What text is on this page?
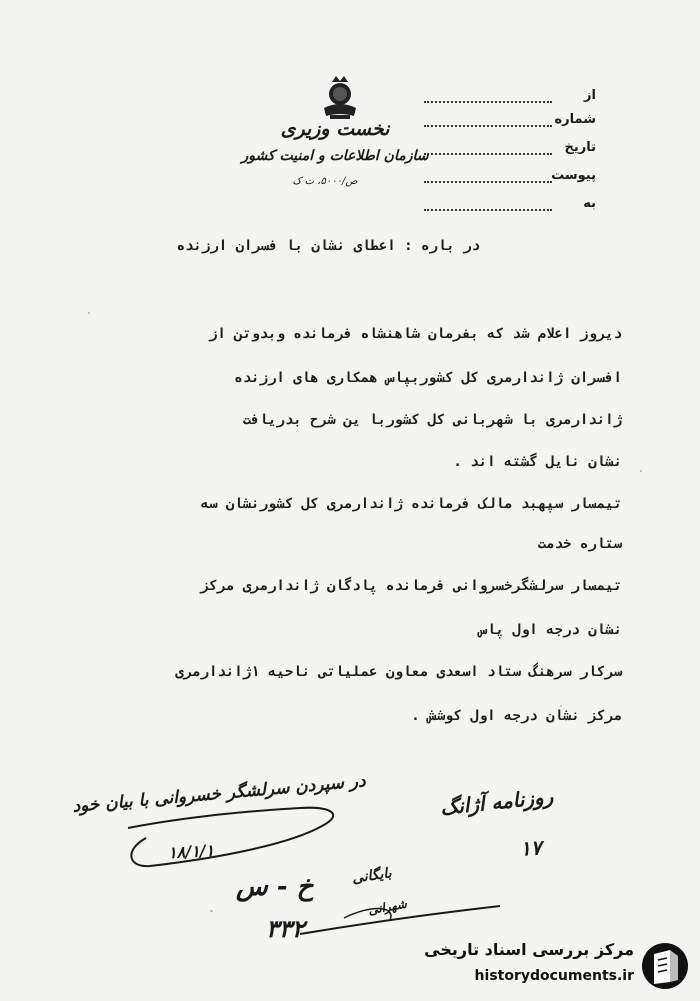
نخست وزیری
سازمان اطلاعات و امنیت کشور
ص/۵۰۰۰، ت ک
از
شماره
تاریخ
پیوست
به
در باره : اعطای نشان با فسران ارزنده
دیروز اعلام شد که بفرمان شاهنشاه فرمانده وبدوتن از
افسران ژاندارمری کل کشوربپاس همکاری های ارزنده
ژاندارمری با شهربانی کل کشوربا ین شرح بدریافت
نشان نایل گشته اند .
تیمسار سپهبد مالک فرمانده ژاندارمری کل کشورنشان سه
ستاره خدمت
تیمسار سرلشگرخسروانی فرمانده پادگان ژاندارمری مرکز
نشان درجه اول پاس
سرکار سرهنگ ستاد اسعدی معاون عملیاتی ناحیه ۱ژاندارمری
مرکز نشان درجه اول کوشش .
روزنامه آژانگ
در سپردن سرلشگر خسروانی با بیان خود
۱۷
۱۸/۱/۱
خ - س
۳۳۲
بایگانی
شهرانی
مرکز بررسی اسناد تاریخی
historydocuments.ir
